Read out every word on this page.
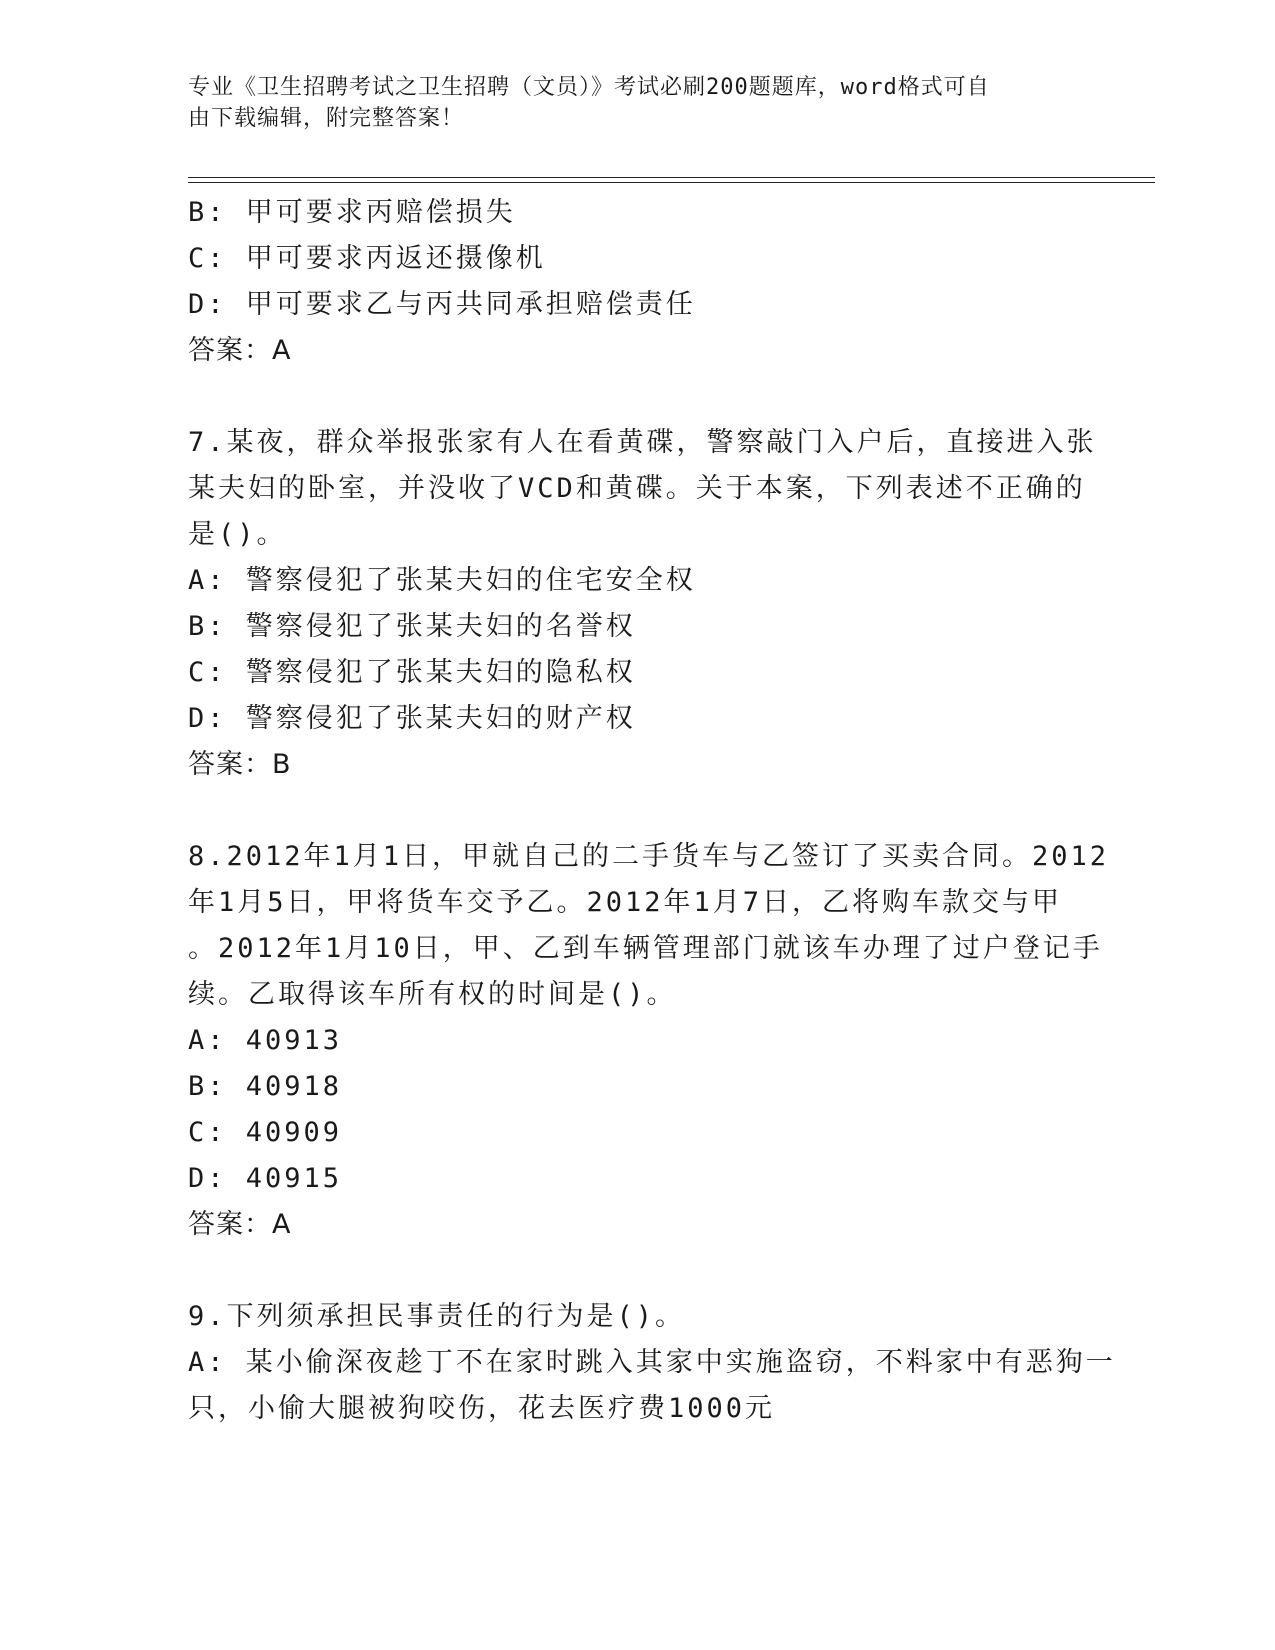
专业《卫生招聘考试之卫生招聘（文员）》考试必刷200题题库，word格式可自
由下载编辑，附完整答案！
B: 甲可要求丙赔偿损失
C: 甲可要求丙返还摄像机
D: 甲可要求乙与丙共同承担赔偿责任
答案：A
7.某夜，群众举报张家有人在看黄碟，警察敲门入户后，直接进入张
某夫妇的卧室，并没收了VCD和黄碟。关于本案，下列表述不正确的
是()。
A: 警察侵犯了张某夫妇的住宅安全权
B: 警察侵犯了张某夫妇的名誉权
C: 警察侵犯了张某夫妇的隐私权
D: 警察侵犯了张某夫妇的财产权
答案：B
8.2012年1月1日，甲就自己的二手货车与乙签订了买卖合同。2012
年1月5日，甲将货车交予乙。2012年1月7日，乙将购车款交与甲
。2012年1月10日，甲、乙到车辆管理部门就该车办理了过户登记手
续。乙取得该车所有权的时间是()。
A: 40913
B: 40918
C: 40909
D: 40915
答案：A
9.下列须承担民事责任的行为是()。
A: 某小偷深夜趁丁不在家时跳入其家中实施盗窃，不料家中有恶狗一
只，小偷大腿被狗咬伤，花去医疗费1000元
